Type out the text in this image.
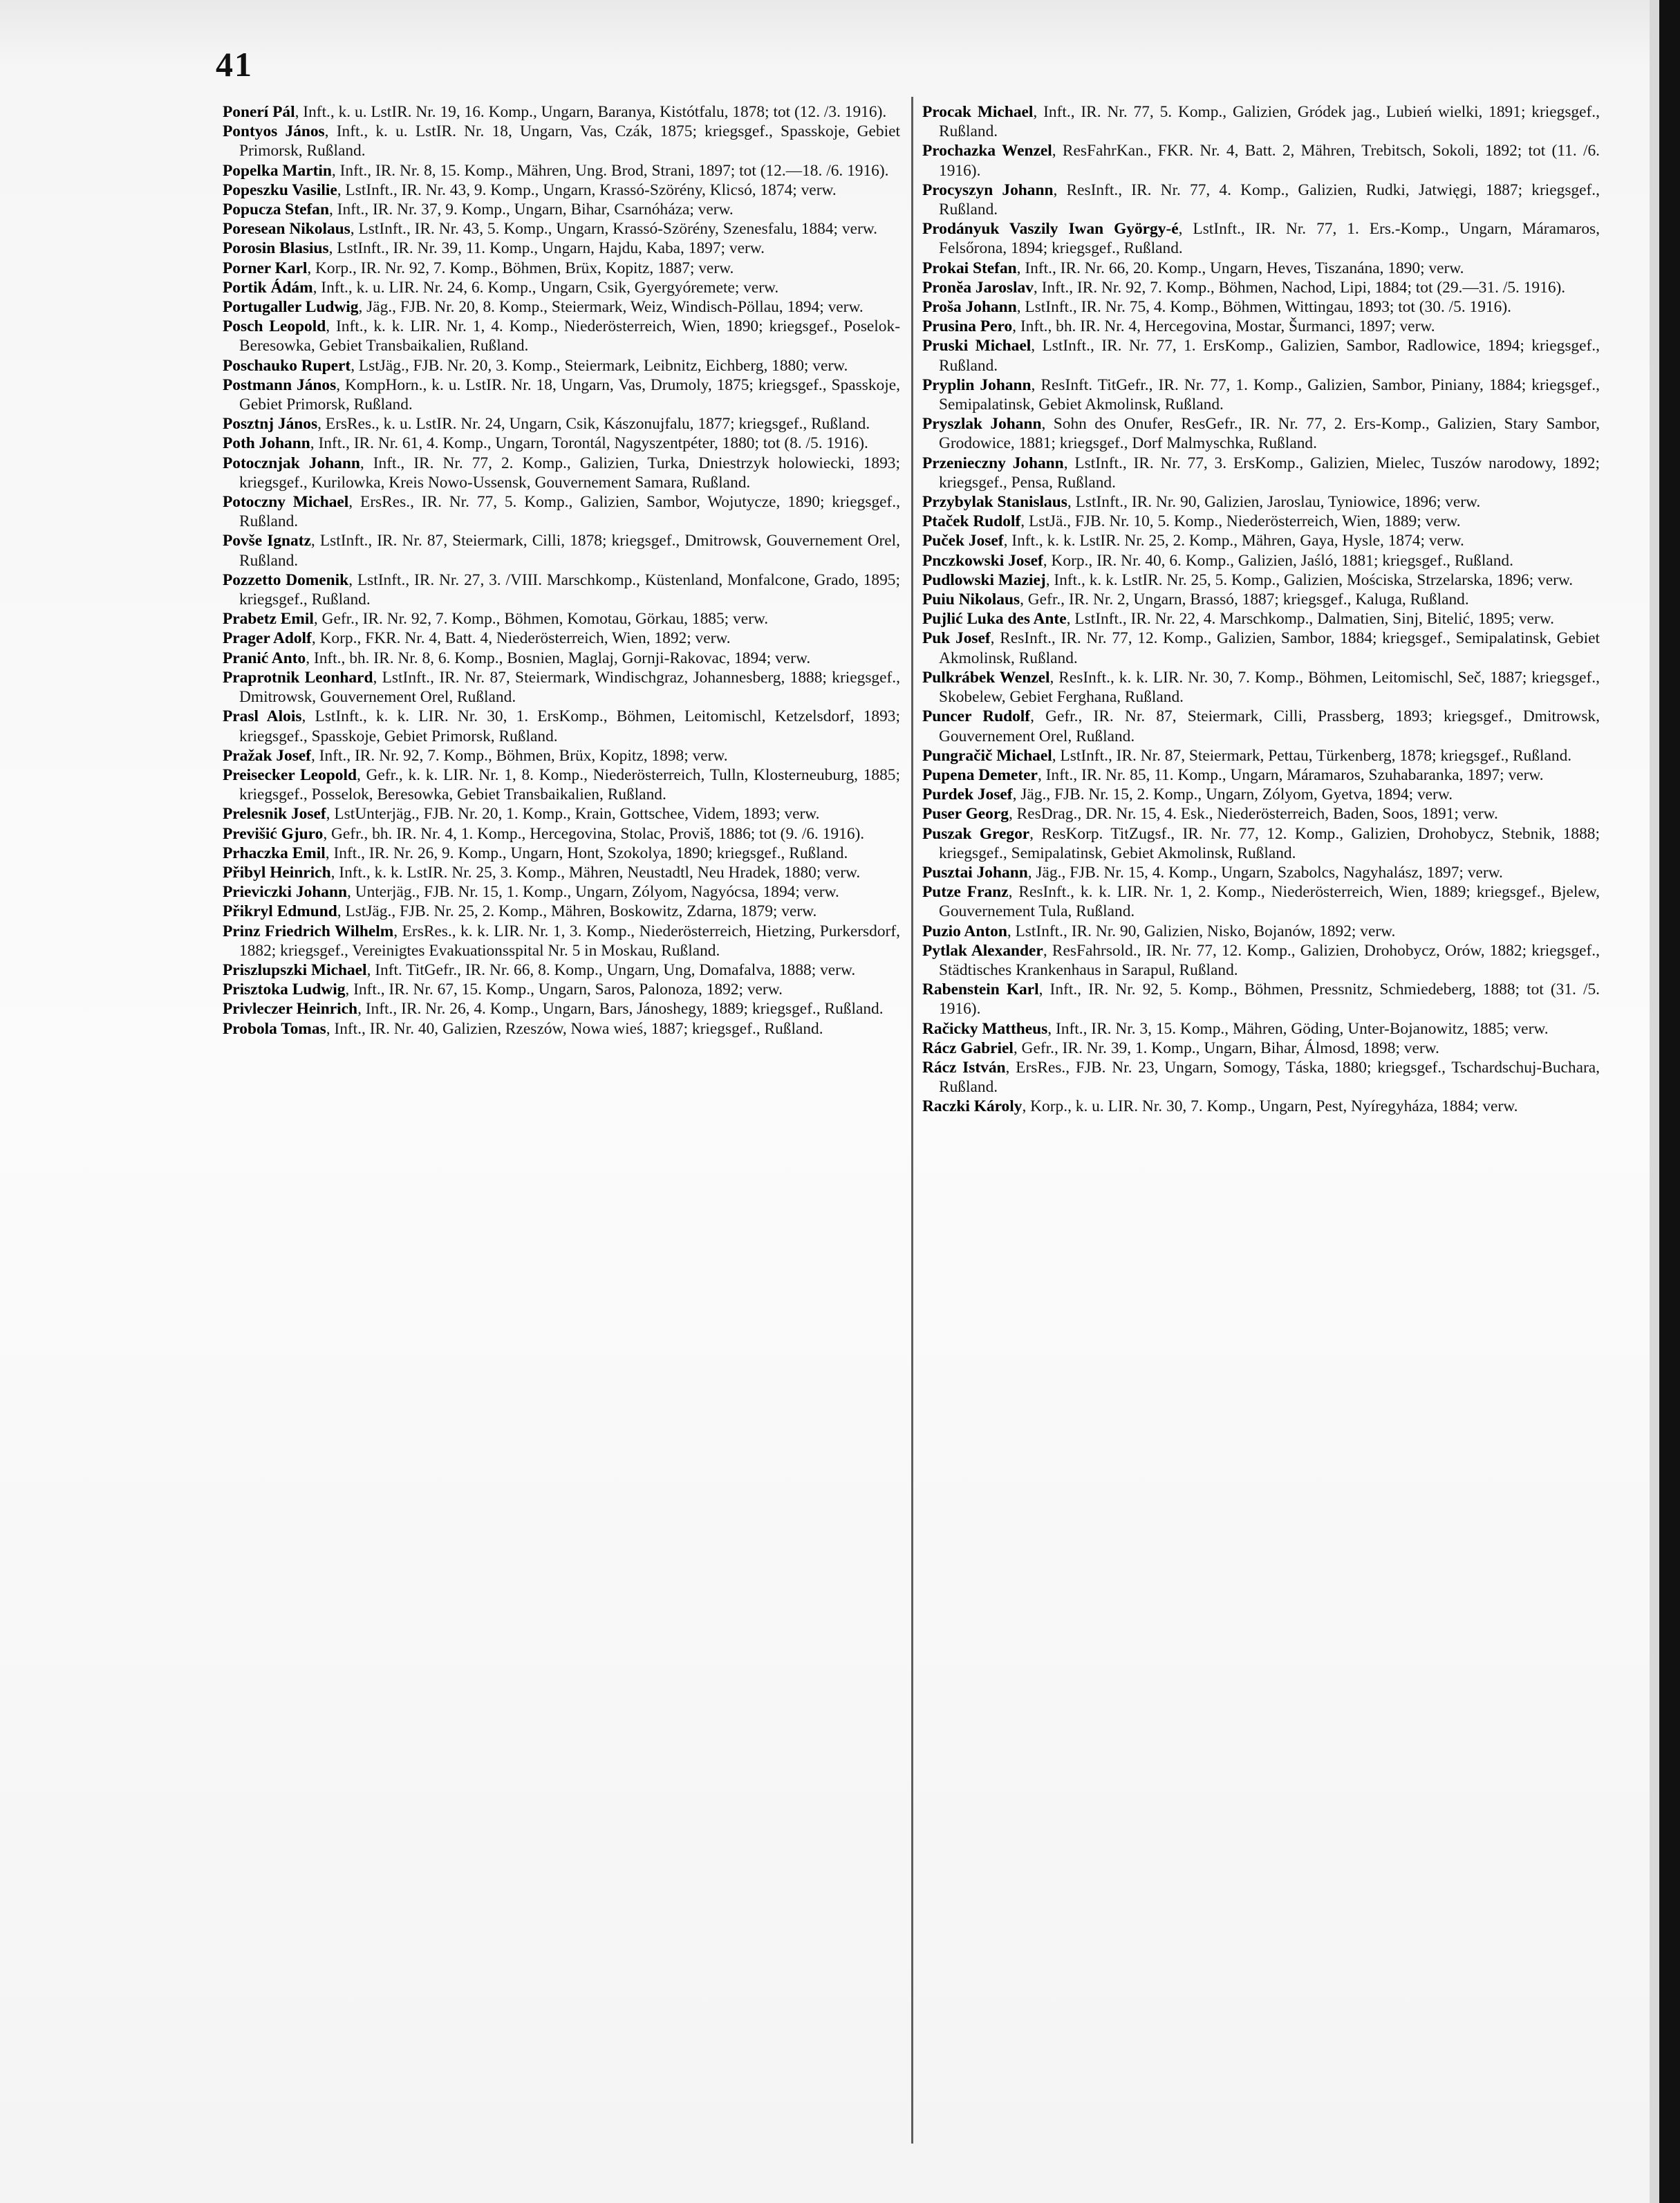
41
Ponerí Pál, Inft., k. u. LstIR. Nr. 19, 16. Komp., Ungarn, Baranya, Kistótfalu, 1878; tot (12. /3. 1916).
Pontyos János, Inft., k. u. LstIR. Nr. 18, Ungarn, Vas, Czák, 1875; kriegsgef., Spasskoje, Gebiet Primorsk, Rußland.
Popelka Martin, Inft., IR. Nr. 8, 15. Komp., Mähren, Ung. Brod, Strani, 1897; tot (12.—18. /6. 1916).
Popeszku Vasilie, LstInft., IR. Nr. 43, 9. Komp., Ungarn, Krassó-Szörény, Klicsó, 1874; verw.
Popucza Stefan, Inft., IR. Nr. 37, 9. Komp., Ungarn, Bihar, Csarnóháza; verw.
Poresean Nikolaus, LstInft., IR. Nr. 43, 5. Komp., Ungarn, Krassó-Szörény, Szenesfalu, 1884; verw.
Porosin Blasius, LstInft., IR. Nr. 39, 11. Komp., Ungarn, Hajdu, Kaba, 1897; verw.
Porner Karl, Korp., IR. Nr. 92, 7. Komp., Böhmen, Brüx, Kopitz, 1887; verw.
Portik Ádám, Inft., k. u. LIR. Nr. 24, 6. Komp., Ungarn, Csik, Gyergyóremete; verw.
Portugaller Ludwig, Jäg., FJB. Nr. 20, 8. Komp., Steiermark, Weiz, Windisch-Pöllau, 1894; verw.
Posch Leopold, Inft., k. k. LIR. Nr. 1, 4. Komp., Niederösterreich, Wien, 1890; kriegsgef., Poselok-Beresowka, Gebiet Transbaikalien, Rußland.
Poschauko Rupert, LstJäg., FJB. Nr. 20, 3. Komp., Steiermark, Leibnitz, Eichberg, 1880; verw.
Postmann János, KompHorn., k. u. LstIR. Nr. 18, Ungarn, Vas, Drumoly, 1875; kriegsgef., Spasskoje, Gebiet Primorsk, Rußland.
Posztnj János, ErsRes., k. u. LstIR. Nr. 24, Ungarn, Csik, Kászonujfalu, 1877; kriegsgef., Rußland.
Poth Johann, Inft., IR. Nr. 61, 4. Komp., Ungarn, Torontál, Nagyszentpéter, 1880; tot (8. /5. 1916).
Potocznjak Johann, Inft., IR. Nr. 77, 2. Komp., Galizien, Turka, Dniestrzyk holowiecki, 1893; kriegsgef., Kurilowka, Kreis Nowo-Ussensk, Gouvernement Samara, Rußland.
Potoczny Michael, ErsRes., IR. Nr. 77, 5. Komp., Galizien, Sambor, Wojutycze, 1890; kriegsgef., Rußland.
Povše Ignatz, LstInft., IR. Nr. 87, Steiermark, Cilli, 1878; kriegsgef., Dmitrowsk, Gouvernement Orel, Rußland.
Pozzetto Domenik, LstInft., IR. Nr. 27, 3. /VIII. Marschkomp., Küstenland, Monfalcone, Grado, 1895; kriegsgef., Rußland.
Prabetz Emil, Gefr., IR. Nr. 92, 7. Komp., Böhmen, Komotau, Görkau, 1885; verw.
Prager Adolf, Korp., FKR. Nr. 4, Batt. 4, Niederösterreich, Wien, 1892; verw.
Pranić Anto, Inft., bh. IR. Nr. 8, 6. Komp., Bosnien, Maglaj, Gornji-Rakovac, 1894; verw.
Praprotnik Leonhard, LstInft., IR. Nr. 87, Steiermark, Windischgraz, Johannesberg, 1888; kriegsgef., Dmitrowsk, Gouvernement Orel, Rußland.
Prasl Alois, LstInft., k. k. LIR. Nr. 30, 1. ErsKomp., Böhmen, Leitomischl, Ketzelsdorf, 1893; kriegsgef., Spasskoje, Gebiet Primorsk, Rußland.
Pražak Josef, Inft., IR. Nr. 92, 7. Komp., Böhmen, Brüx, Kopitz, 1898; verw.
Preisecker Leopold, Gefr., k. k. LIR. Nr. 1, 8. Komp., Niederösterreich, Tulln, Klosterneuburg, 1885; kriegsgef., Posselok, Beresowka, Gebiet Transbaikalien, Rußland.
Prelesnik Josef, LstUnterjäg., FJB. Nr. 20, 1. Komp., Krain, Gottschee, Videm, 1893; verw.
Previšić Gjuro, Gefr., bh. IR. Nr. 4, 1. Komp., Hercegovina, Stolac, Proviš, 1886; tot (9. /6. 1916).
Prhaczka Emil, Inft., IR. Nr. 26, 9. Komp., Ungarn, Hont, Szokolya, 1890; kriegsgef., Rußland.
Přibyl Heinrich, Inft., k. k. LstIR. Nr. 25, 3. Komp., Mähren, Neustadtl, Neu Hradek, 1880; verw.
Prieviczki Johann, Unterjäg., FJB. Nr. 15, 1. Komp., Ungarn, Zólyom, Nagyócsa, 1894; verw.
Přikryl Edmund, LstJäg., FJB. Nr. 25, 2. Komp., Mähren, Boskowitz, Zdarna, 1879; verw.
Prinz Friedrich Wilhelm, ErsRes., k. k. LIR. Nr. 1, 3. Komp., Niederösterreich, Hietzing, Purkersdorf, 1882; kriegsgef., Vereinigtes Evakuationsspital Nr. 5 in Moskau, Rußland.
Priszlupszki Michael, Inft. TitGefr., IR. Nr. 66, 8. Komp., Ungarn, Ung, Domafalva, 1888; verw.
Prisztoka Ludwig, Inft., IR. Nr. 67, 15. Komp., Ungarn, Saros, Palonoza, 1892; verw.
Privleczer Heinrich, Inft., IR. Nr. 26, 4. Komp., Ungarn, Bars, Jánoshegy, 1889; kriegsgef., Rußland.
Probola Tomas, Inft., IR. Nr. 40, Galizien, Rzeszów, Nowa wieś, 1887; kriegsgef., Rußland.
Procak Michael, Inft., IR. Nr. 77, 5. Komp., Galizien, Gródek jag., Lubień wielki, 1891; kriegsgef., Rußland.
Prochazka Wenzel, ResFahrKan., FKR. Nr. 4, Batt. 2, Mähren, Trebitsch, Sokoli, 1892; tot (11. /6. 1916).
Procyszyn Johann, ResInft., IR. Nr. 77, 4. Komp., Galizien, Rudki, Jatwięgi, 1887; kriegsgef., Rußland.
Prodányuk Vaszily Iwan György-é, LstInft., IR. Nr. 77, 1. Ers.-Komp., Ungarn, Máramaros, Felsőrona, 1894; kriegsgef., Rußland.
Prokai Stefan, Inft., IR. Nr. 66, 20. Komp., Ungarn, Heves, Tiszanána, 1890; verw.
Pronĕa Jaroslav, Inft., IR. Nr. 92, 7. Komp., Böhmen, Nachod, Lipi, 1884; tot (29.—31. /5. 1916).
Proša Johann, LstInft., IR. Nr. 75, 4. Komp., Böhmen, Wittingau, 1893; tot (30. /5. 1916).
Prusina Pero, Inft., bh. IR. Nr. 4, Hercegovina, Mostar, Šurmanci, 1897; verw.
Pruski Michael, LstInft., IR. Nr. 77, 1. ErsKomp., Galizien, Sambor, Radlowice, 1894; kriegsgef., Rußland.
Pryplin Johann, ResInft. TitGefr., IR. Nr. 77, 1. Komp., Galizien, Sambor, Piniany, 1884; kriegsgef., Semipalatinsk, Gebiet Akmolinsk, Rußland.
Pryszlak Johann, Sohn des Onufer, ResGefr., IR. Nr. 77, 2. Ers-Komp., Galizien, Stary Sambor, Grodowice, 1881; kriegsgef., Dorf Malmyschka, Rußland.
Przenieczny Johann, LstInft., IR. Nr. 77, 3. ErsKomp., Galizien, Mielec, Tuszów narodowy, 1892; kriegsgef., Pensa, Rußland.
Przybylak Stanislaus, LstInft., IR. Nr. 90, Galizien, Jaroslau, Tyniowice, 1896; verw.
Ptaček Rudolf, LstJä., FJB. Nr. 10, 5. Komp., Niederösterreich, Wien, 1889; verw.
Puček Josef, Inft., k. k. LstIR. Nr. 25, 2. Komp., Mähren, Gaya, Hysle, 1874; verw.
Pnczkowski Josef, Korp., IR. Nr. 40, 6. Komp., Galizien, Jaśló, 1881; kriegsgef., Rußland.
Pudlowski Maziej, Inft., k. k. LstIR. Nr. 25, 5. Komp., Galizien, Mościska, Strzelarska, 1896; verw.
Puiu Nikolaus, Gefr., IR. Nr. 2, Ungarn, Brassó, 1887; kriegsgef., Kaluga, Rußland.
Pujlić Luka des Ante, LstInft., IR. Nr. 22, 4. Marschkomp., Dalmatien, Sinj, Bitelić, 1895; verw.
Puk Josef, ResInft., IR. Nr. 77, 12. Komp., Galizien, Sambor, 1884; kriegsgef., Semipalatinsk, Gebiet Akmolinsk, Rußland.
Pulkrábek Wenzel, ResInft., k. k. LIR. Nr. 30, 7. Komp., Böhmen, Leitomischl, Seč, 1887; kriegsgef., Skobelew, Gebiet Ferghana, Rußland.
Puncer Rudolf, Gefr., IR. Nr. 87, Steiermark, Cilli, Prassberg, 1893; kriegsgef., Dmitrowsk, Gouvernement Orel, Rußland.
Pungračič Michael, LstInft., IR. Nr. 87, Steiermark, Pettau, Türkenberg, 1878; kriegsgef., Rußland.
Pupena Demeter, Inft., IR. Nr. 85, 11. Komp., Ungarn, Máramaros, Szuhabaranka, 1897; verw.
Purdek Josef, Jäg., FJB. Nr. 15, 2. Komp., Ungarn, Zólyom, Gyetva, 1894; verw.
Puser Georg, ResDrag., DR. Nr. 15, 4. Esk., Niederösterreich, Baden, Soos, 1891; verw.
Puszak Gregor, ResKorp. TitZugsf., IR. Nr. 77, 12. Komp., Galizien, Drohobycz, Stebnik, 1888; kriegsgef., Semipalatinsk, Gebiet Akmolinsk, Rußland.
Pusztai Johann, Jäg., FJB. Nr. 15, 4. Komp., Ungarn, Szabolcs, Nagyhalász, 1897; verw.
Putze Franz, ResInft., k. k. LIR. Nr. 1, 2. Komp., Niederösterreich, Wien, 1889; kriegsgef., Bjelew, Gouvernement Tula, Rußland.
Puzio Anton, LstInft., IR. Nr. 90, Galizien, Nisko, Bojanów, 1892; verw.
Pytlak Alexander, ResFahrsold., IR. Nr. 77, 12. Komp., Galizien, Drohobycz, Orów, 1882; kriegsgef., Städtisches Krankenhaus in Sarapul, Rußland.
Rabenstein Karl, Inft., IR. Nr. 92, 5. Komp., Böhmen, Pressnitz, Schmiedeberg, 1888; tot (31. /5. 1916).
Račicky Mattheus, Inft., IR. Nr. 3, 15. Komp., Mähren, Göding, Unter-Bojanowitz, 1885; verw.
Rácz Gabriel, Gefr., IR. Nr. 39, 1. Komp., Ungarn, Bihar, Álmosd, 1898; verw.
Rácz István, ErsRes., FJB. Nr. 23, Ungarn, Somogy, Táska, 1880; kriegsgef., Tschardschuj-Buchara, Rußland.
Raczki Károly, Korp., k. u. LIR. Nr. 30, 7. Komp., Ungarn, Pest, Nyíregyháza, 1884; verw.
